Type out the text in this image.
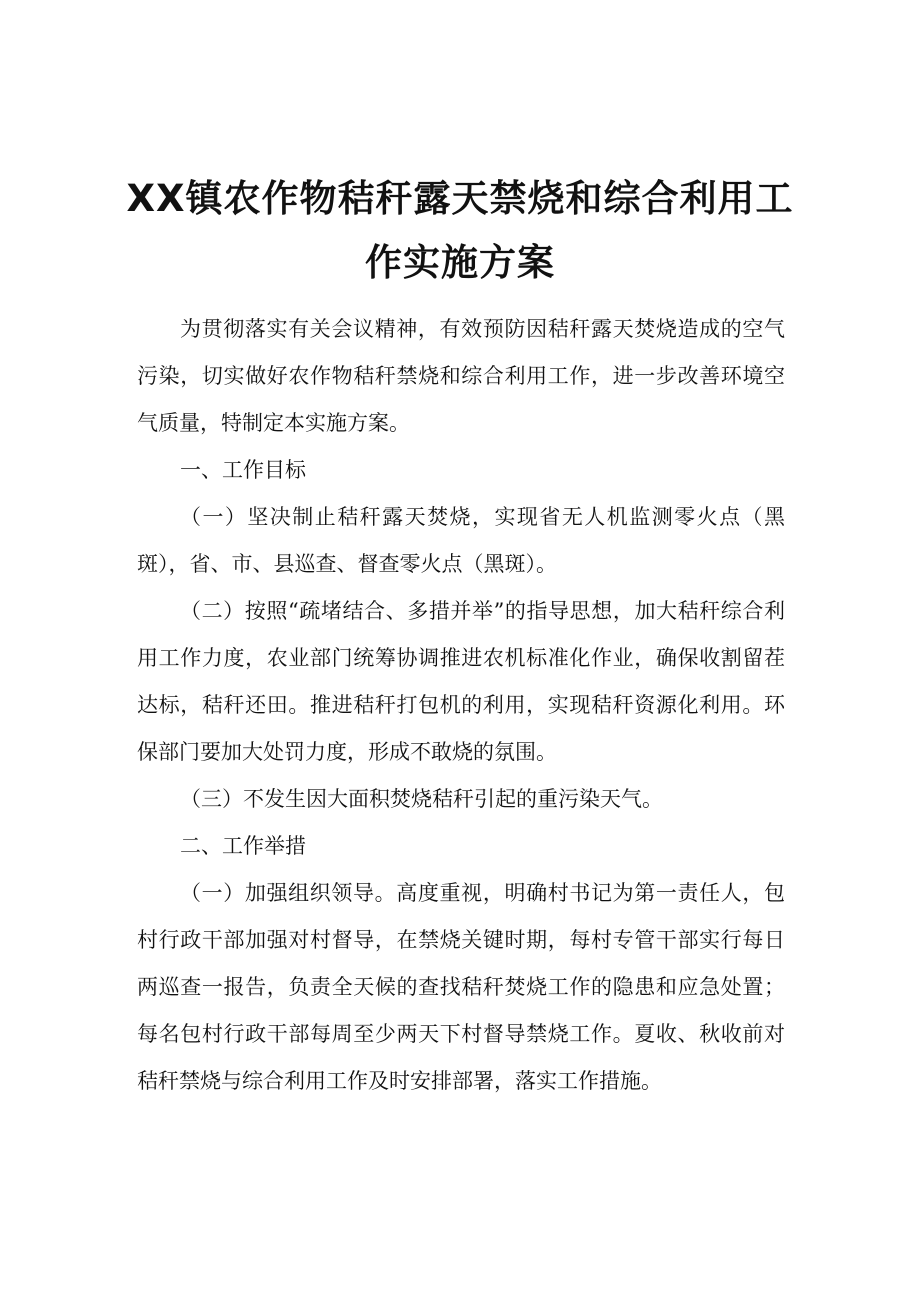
XX镇农作物秸秆露天禁烧和综合利用工
作实施方案

为贯彻落实有关会议精神，有效预防因秸秆露天焚烧造成的空气污染，切实做好农作物秸秆禁烧和综合利用工作，进一步改善环境空气质量，特制定本实施方案。

一、工作目标

（一）坚决制止秸秆露天焚烧，实现省无人机监测零火点（黑斑），省、市、县巡查、督查零火点（黑斑）。

（二）按照“疏堵结合、多措并举”的指导思想，加大秸秆综合利用工作力度，农业部门统筹协调推进农机标准化作业，确保收割留茬达标，秸秆还田。推进秸秆打包机的利用，实现秸秆资源化利用。环保部门要加大处罚力度，形成不敢烧的氛围。

（三）不发生因大面积焚烧秸秆引起的重污染天气。

二、工作举措

（一）加强组织领导。高度重视，明确村书记为第一责任人，包村行政干部加强对村督导，在禁烧关键时期，每村专管干部实行每日两巡查一报告，负责全天候的查找秸秆焚烧工作的隐患和应急处置；每名包村行政干部每周至少两天下村督导禁烧工作。夏收、秋收前对秸秆禁烧与综合利用工作及时安排部署，落实工作措施。
